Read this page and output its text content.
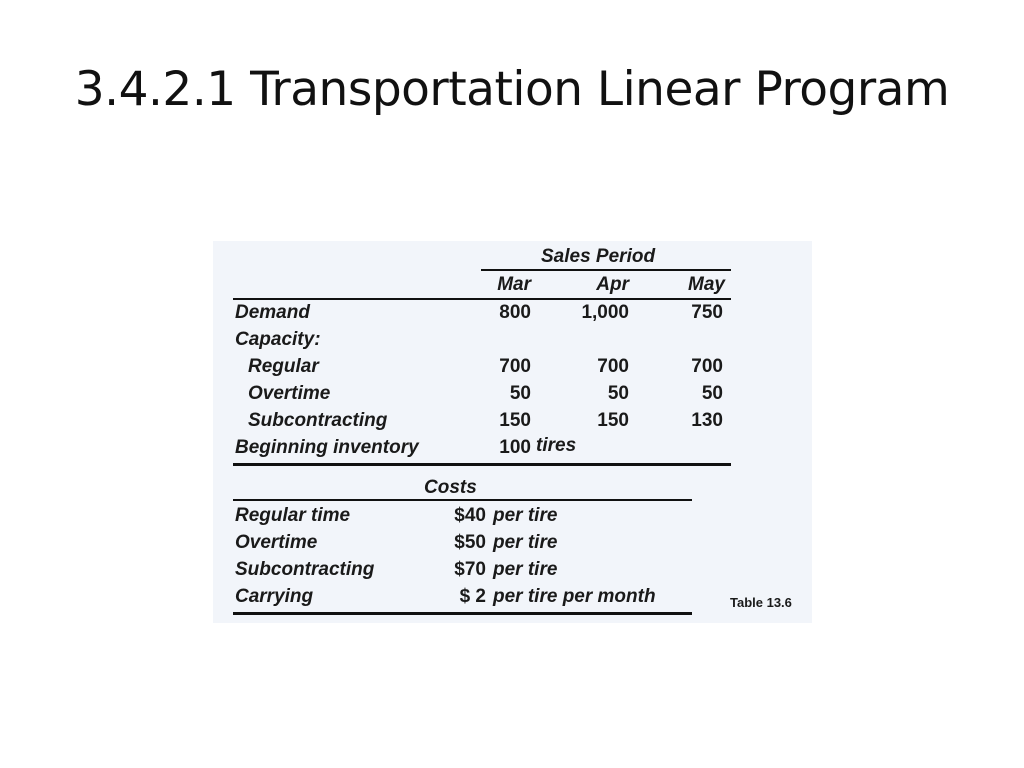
3.4.2.1 Transportation Linear Program
Sales Period
Mar	Apr	May
Demand	800	1,000	750
Capacity:
Regular	700	700	700
Overtime	50	50	50
Subcontracting	150	150	130
Beginning inventory	100 tires
Costs
Regular time	$40 per tire
Overtime	$50 per tire
Subcontracting	$70 per tire
Carrying	$ 2 per tire per month	Table 13.6
